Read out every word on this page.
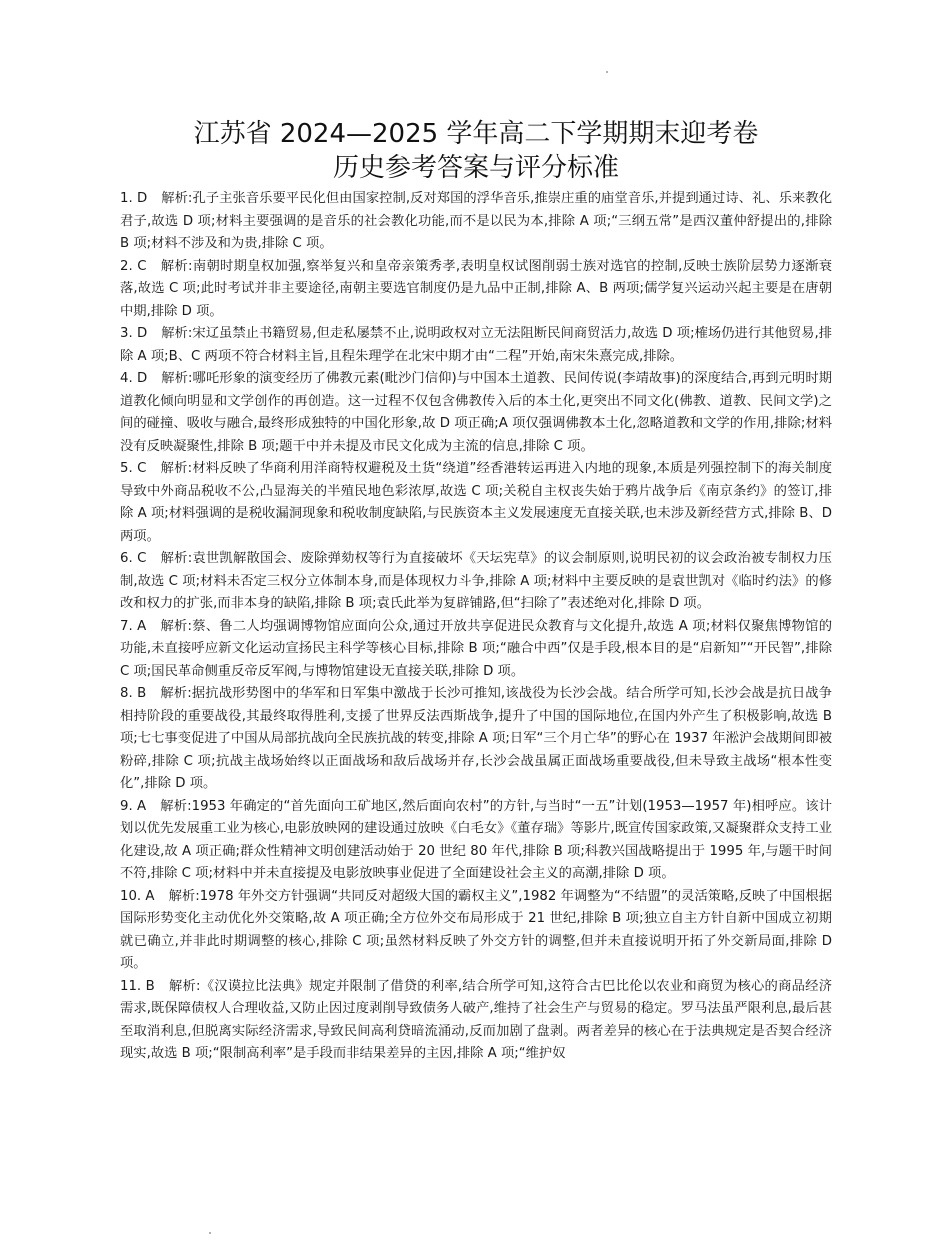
江苏省 2024—2025 学年高二下学期期末迎考卷
历史参考答案与评分标准

1. D 解析:孔子主张音乐要平民化但由国家控制,反对郑国的浮华音乐,推崇庄重的庙堂音乐,并提到通过诗、礼、乐来教化君子,故选 D 项;材料主要强调的是音乐的社会教化功能,而不是以民为本,排除 A 项;“三纲五常”是西汉董仲舒提出的,排除 B 项;材料不涉及和为贵,排除 C 项。

2. C 解析:南朝时期皇权加强,察举复兴和皇帝亲策秀孝,表明皇权试图削弱士族对选官的控制,反映士族阶层势力逐渐衰落,故选 C 项;此时考试并非主要途径,南朝主要选官制度仍是九品中正制,排除 A、B 两项;儒学复兴运动兴起主要是在唐朝中期,排除 D 项。

3. D 解析:宋辽虽禁止书籍贸易,但走私屡禁不止,说明政权对立无法阻断民间商贸活力,故选 D 项;榷场仍进行其他贸易,排除 A 项;B、C 两项不符合材料主旨,且程朱理学在北宋中期才由“二程”开始,南宋朱熹完成,排除。

4. D 解析:哪吒形象的演变经历了佛教元素(毗沙门信仰)与中国本土道教、民间传说(李靖故事)的深度结合,再到元明时期道教化倾向明显和文学创作的再创造。这一过程不仅包含佛教传入后的本土化,更突出不同文化(佛教、道教、民间文学)之间的碰撞、吸收与融合,最终形成独特的中国化形象,故 D 项正确;A 项仅强调佛教本土化,忽略道教和文学的作用,排除;材料没有反映凝聚性,排除 B 项;题干中并未提及市民文化成为主流的信息,排除 C 项。

5. C 解析:材料反映了华商利用洋商特权避税及土货“绕道”经香港转运再进入内地的现象,本质是列强控制下的海关制度导致中外商品税收不公,凸显海关的半殖民地色彩浓厚,故选 C 项;关税自主权丧失始于鸦片战争后《南京条约》的签订,排除 A 项;材料强调的是税收漏洞现象和税收制度缺陷,与民族资本主义发展速度无直接关联,也未涉及新经营方式,排除 B、D 两项。

6. C 解析:袁世凯解散国会、废除弹劾权等行为直接破坏《天坛宪草》的议会制原则,说明民初的议会政治被专制权力压制,故选 C 项;材料未否定三权分立体制本身,而是体现权力斗争,排除 A 项;材料中主要反映的是袁世凯对《临时约法》的修改和权力的扩张,而非本身的缺陷,排除 B 项;袁氏此举为复辟铺路,但“扫除了”表述绝对化,排除 D 项。

7. A 解析:蔡、鲁二人均强调博物馆应面向公众,通过开放共享促进民众教育与文化提升,故选 A 项;材料仅聚焦博物馆的功能,未直接呼应新文化运动宣扬民主科学等核心目标,排除 B 项;“融合中西”仅是手段,根本目的是“启新知”“开民智”,排除 C 项;国民革命侧重反帝反军阀,与博物馆建设无直接关联,排除 D 项。

8. B 解析:据抗战形势图中的华军和日军集中激战于长沙可推知,该战役为长沙会战。结合所学可知,长沙会战是抗日战争相持阶段的重要战役,其最终取得胜利,支援了世界反法西斯战争,提升了中国的国际地位,在国内外产生了积极影响,故选 B 项;七七事变促进了中国从局部抗战向全民族抗战的转变,排除 A 项;日军“三个月亡华”的野心在 1937 年淞沪会战期间即被粉碎,排除 C 项;抗战主战场始终以正面战场和敌后战场并存,长沙会战虽属正面战场重要战役,但未导致主战场“根本性变化”,排除 D 项。

9. A 解析:1953 年确定的“首先面向工矿地区,然后面向农村”的方针,与当时“一五”计划(1953—1957 年)相呼应。该计划以优先发展重工业为核心,电影放映网的建设通过放映《白毛女》《董存瑞》等影片,既宣传国家政策,又凝聚群众支持工业化建设,故 A 项正确;群众性精神文明创建活动始于 20 世纪 80 年代,排除 B 项;科教兴国战略提出于 1995 年,与题干时间不符,排除 C 项;材料中并未直接提及电影放映事业促进了全面建设社会主义的高潮,排除 D 项。

10. A 解析:1978 年外交方针强调“共同反对超级大国的霸权主义”,1982 年调整为“不结盟”的灵活策略,反映了中国根据国际形势变化主动优化外交策略,故 A 项正确;全方位外交布局形成于 21 世纪,排除 B 项;独立自主方针自新中国成立初期就已确立,并非此时期调整的核心,排除 C 项;虽然材料反映了外交方针的调整,但并未直接说明开拓了外交新局面,排除 D 项。

11. B 解析:《汉谟拉比法典》规定并限制了借贷的利率,结合所学可知,这符合古巴比伦以农业和商贸为核心的商品经济需求,既保障债权人合理收益,又防止因过度剥削导致债务人破产,维持了社会生产与贸易的稳定。罗马法虽严限利息,最后甚至取消利息,但脱离实际经济需求,导致民间高利贷暗流涌动,反而加剧了盘剥。两者差异的核心在于法典规定是否契合经济现实,故选 B 项;“限制高利率”是手段而非结果差异的主因,排除 A 项;“维护奴
